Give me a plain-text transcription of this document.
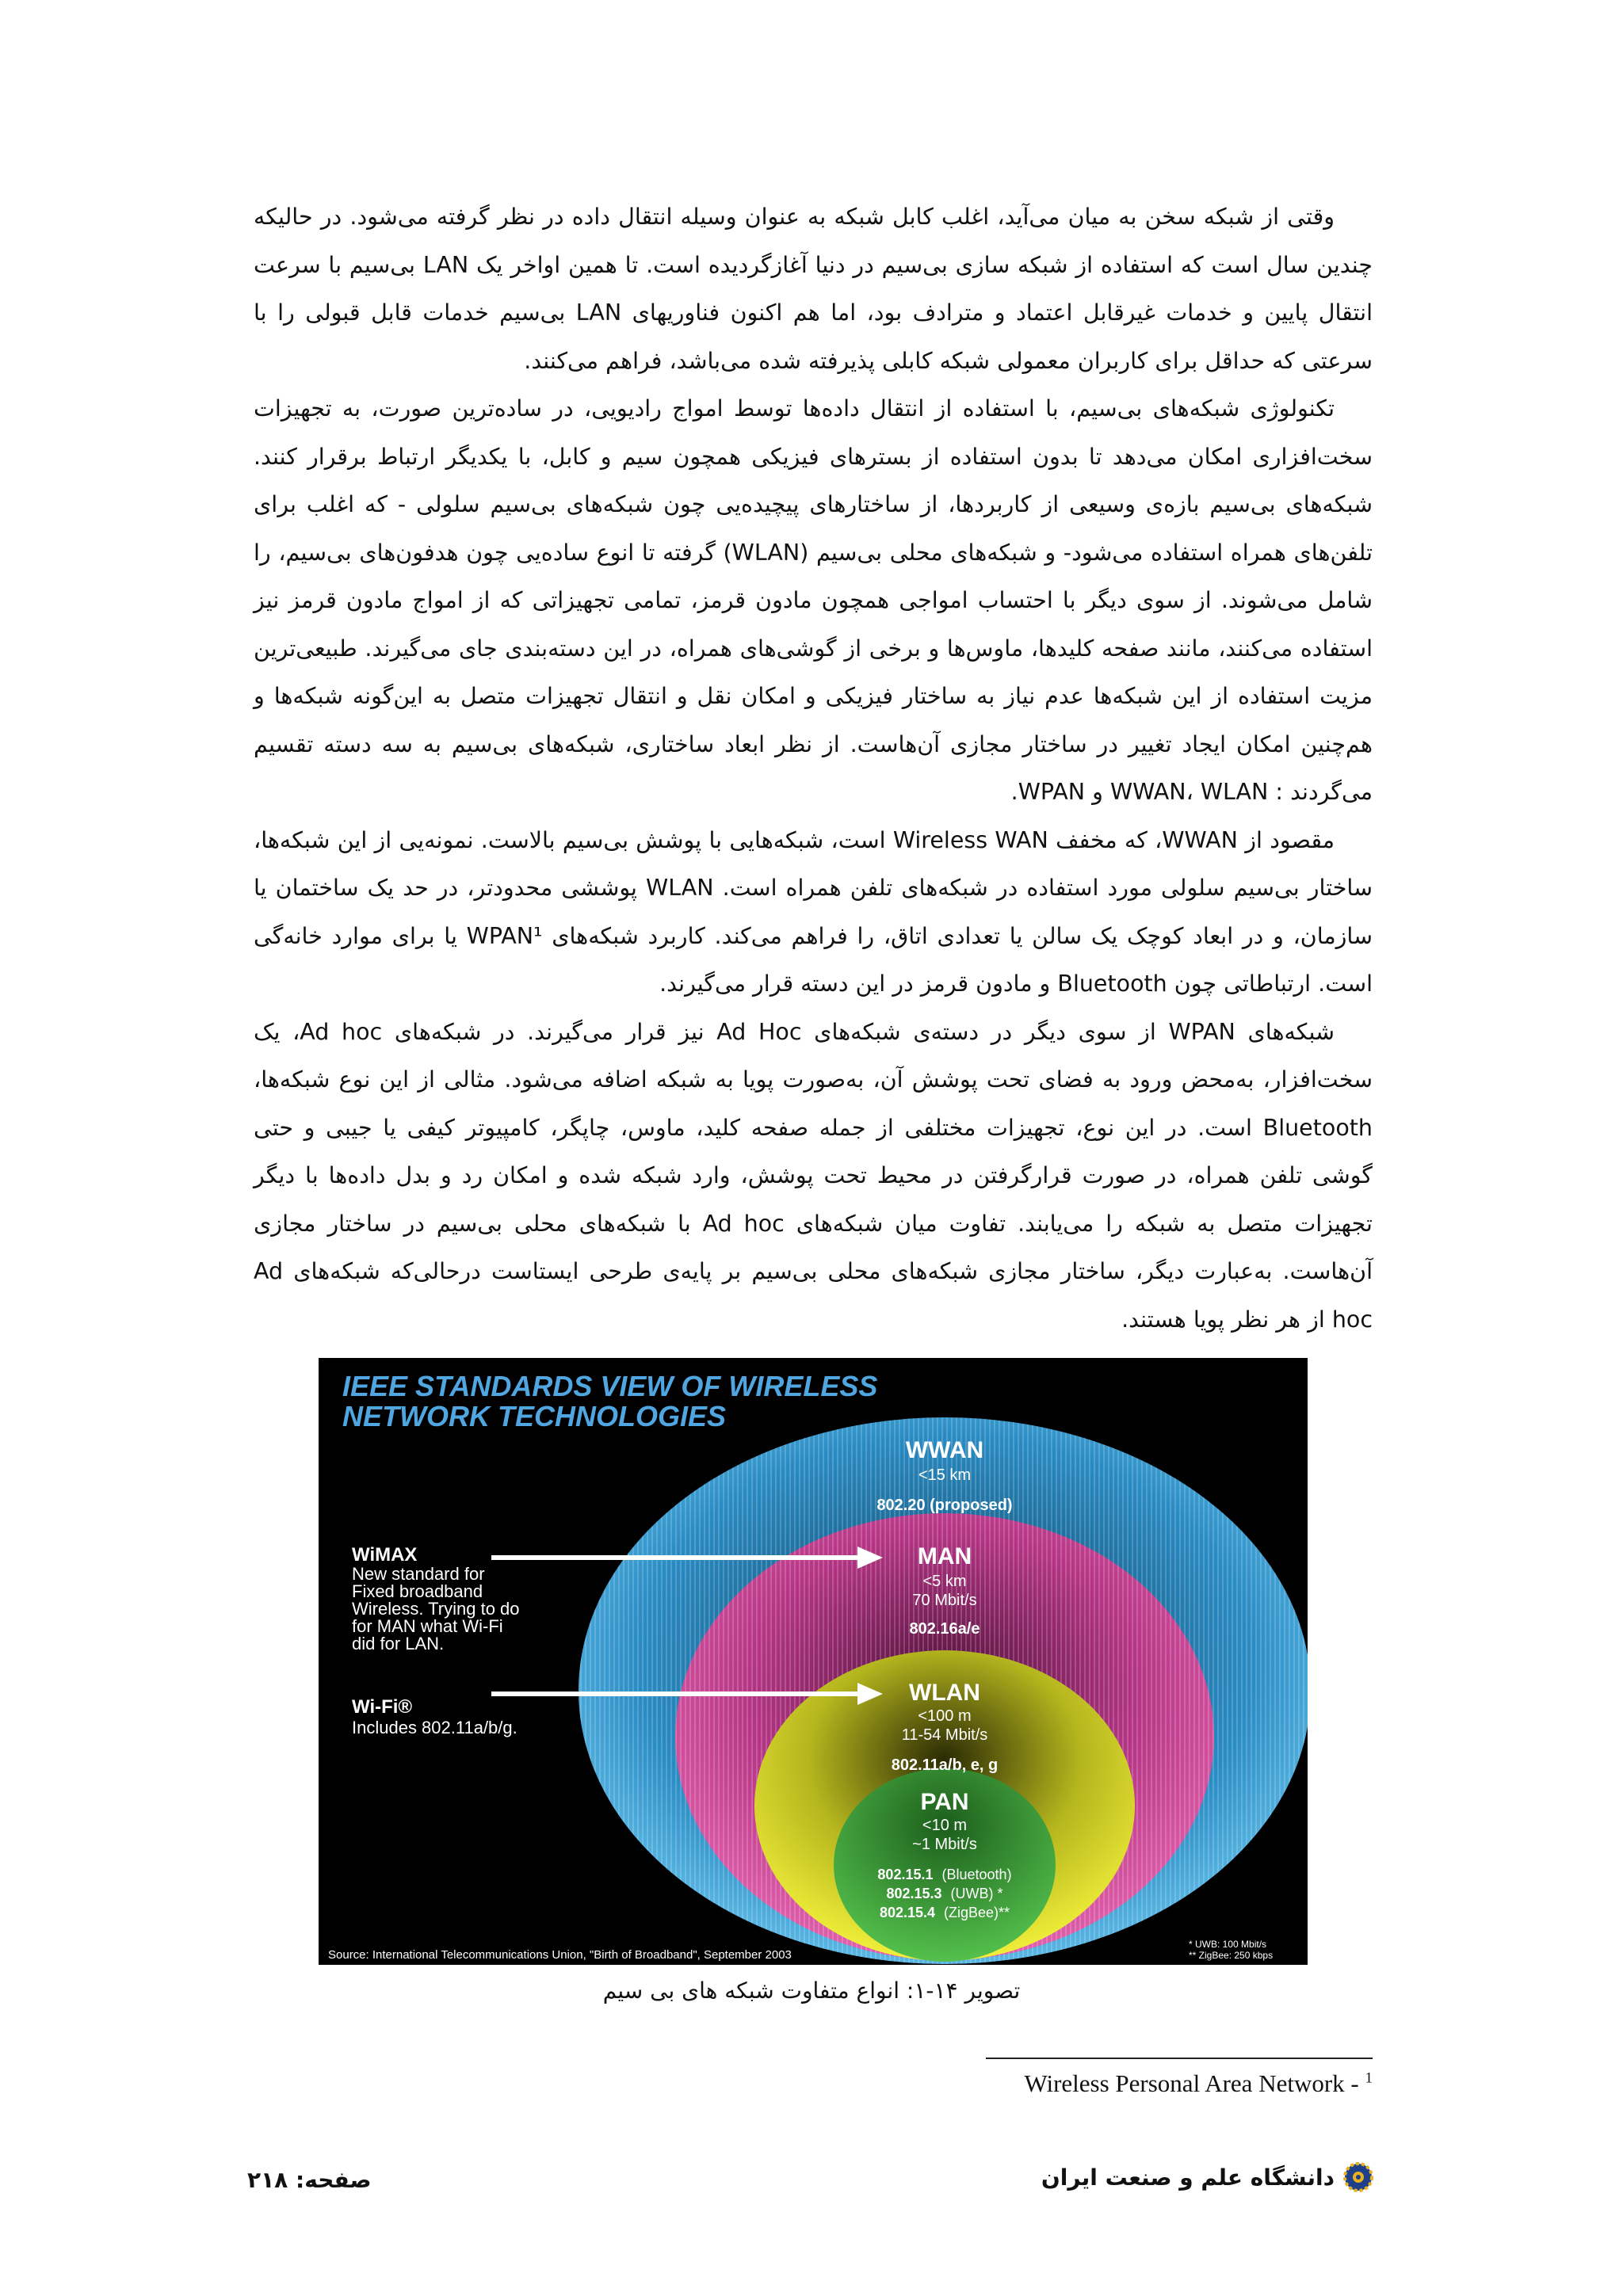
وقتی از شبکه سخن به میان می‌آید، اغلب کابل شبکه به عنوان وسیله انتقال داده در نظر گرفته می‌شود. در حالیکه چندین سال است که استفاده از شبکه سازی بی‌سیم در دنیا آغازگردیده است. تا همین اواخر یک LAN بی‌سیم با سرعت انتقال پایین و خدمات غیرقابل اعتماد و مترادف بود، اما هم اکنون فناوریهای LAN بی‌سیم خدمات قابل قبولی را با سرعتی که حداقل برای کاربران معمولی شبکه کابلی پذیرفته شده می‌باشد، فراهم می‌کنند.

تکنولوژی شبکه‌های بی‌سیم، با استفاده از انتقال داده‌ها توسط امواج رادیویی، در ساده‌ترین صورت، به تجهیزات سخت‌افزاری امکان می‌دهد تا بدون استفاده از بسترهای فیزیکی همچون سیم و کابل، با یکدیگر ارتباط برقرار کنند. شبکه‌های بی‌سیم بازه‌ی وسیعی از کاربردها، از ساختارهای پیچیده‌یی چون شبکه‌های بی‌سیم سلولی - که اغلب برای تلفن‌های همراه استفاده می‌شود- و شبکه‌های محلی بی‌سیم (WLAN) گرفته تا انوع ساده‌یی چون هدفون‌های بی‌سیم، را شامل می‌شوند. از سوی دیگر با احتساب امواجی همچون مادون قرمز، تمامی تجهیزاتی که از امواج مادون قرمز نیز استفاده می‌کنند، مانند صفحه کلیدها، ماوس‌ها و برخی از گوشی‌های همراه، در این دسته‌بندی جای می‌گیرند. طبیعی‌ترین مزیت استفاده از این شبکه‌ها عدم نیاز به ساختار فیزیکی و امکان نقل و انتقال تجهیزات متصل به این‌گونه شبکه‌ها و هم‌چنین امکان ایجاد تغییر در ساختار مجازی آن‌هاست. از نظر ابعاد ساختاری، شبکه‌های بی‌سیم به سه دسته تقسیم می‌گردند : WWAN، WLAN و WPAN.

مقصود از WWAN، که مخفف Wireless WAN است، شبکه‌هایی با پوشش بی‌سیم بالاست. نمونه‌یی از این شبکه‌ها، ساختار بی‌سیم سلولی مورد استفاده در شبکه‌های تلفن همراه است. WLAN پوششی محدودتر، در حد یک ساختمان یا سازمان، و در ابعاد کوچک یک سالن یا تعدادی اتاق، را فراهم می‌کند. کاربرد شبکه‌های WPAN¹ یا برای موارد خانه‌گی است. ارتباطاتی چون Bluetooth و مادون قرمز در این دسته قرار می‌گیرند.

شبکه‌های WPAN از سوی دیگر در دسته‌ی شبکه‌های Ad Hoc نیز قرار می‌گیرند. در شبکه‌های Ad hoc، یک سخت‌افزار، به‌محض ورود به فضای تحت پوشش آن، به‌صورت پویا به شبکه اضافه می‌شود. مثالی از این نوع شبکه‌ها، Bluetooth است. در این نوع، تجهیزات مختلفی از جمله صفحه کلید، ماوس، چاپگر، کامپیوتر کیفی یا جیبی و حتی گوشی تلفن همراه، در صورت قرارگرفتن در محیط تحت پوشش، وارد شبکه شده و امکان رد و بدل داده‌ها با دیگر تجهیزات متصل به شبکه را می‌یابند. تفاوت میان شبکه‌های Ad hoc با شبکه‌های محلی بی‌سیم در ساختار مجازی آن‌هاست. به‌عبارت دیگر، ساختار مجازی شبکه‌های محلی بی‌سیم بر پایه‌ی طرحی ایستاست درحالی‌که شبکه‌های Ad hoc از هر نظر پویا هستند.

IEEE STANDARDS VIEW OF WIRELESS
NETWORK TECHNOLOGIES
WWAN
<15 km
802.20 (proposed)
MAN
<5 km
70 Mbit/s
802.16a/e
WLAN
<100 m
11-54 Mbit/s
802.11a/b, e, g
PAN
<10 m
~1 Mbit/s
802.15.1 (Bluetooth)
802.15.3 (UWB) *
802.15.4 (ZigBee)**
WiMAX
New standard for
Fixed broadband
Wireless. Trying to do
for MAN what Wi-Fi
did for LAN.
Wi-Fi®
Includes 802.11a/b/g.
Source: International Telecommunications Union, "Birth of Broadband", September 2003
* UWB: 100 Mbit/s
** ZigBee: 250 kbps
تصویر ۱۴-۱: انواع متفاوت شبکه های بی سیم
Wireless Personal Area Network - $^1$
صفحه: ۲۱۸	دانشگاه علم و صنعت ایران
